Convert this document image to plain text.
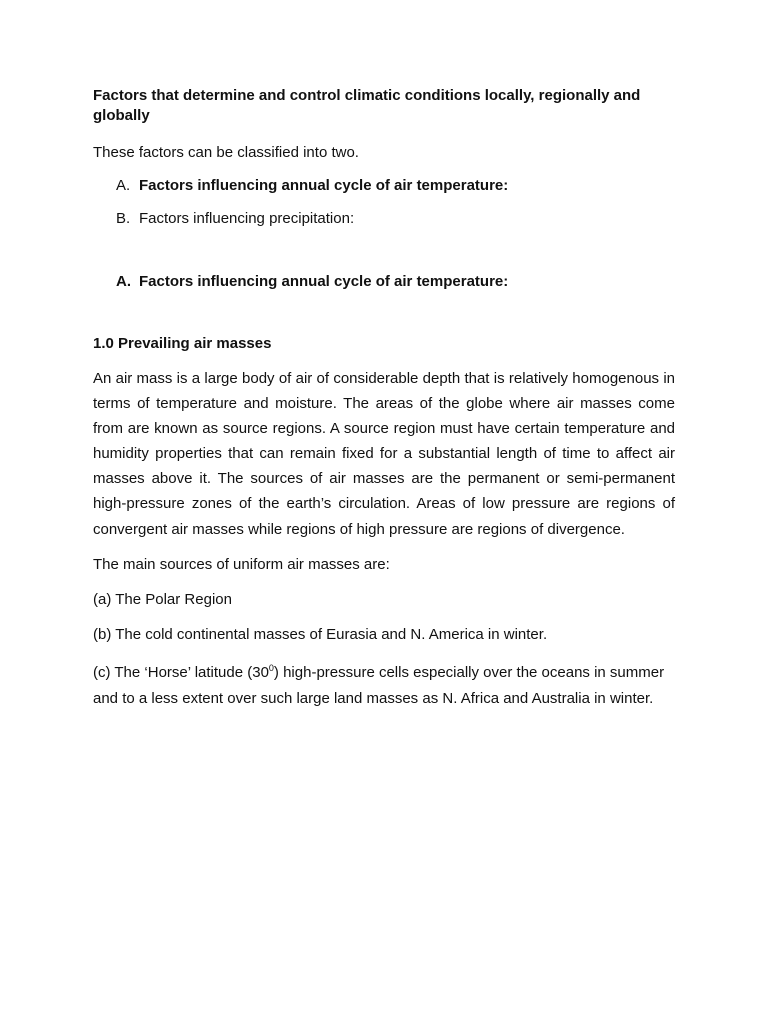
Factors that determine and control climatic conditions locally, regionally and globally

These factors can be classified into two.

A. Factors influencing annual cycle of air temperature:
B. Factors influencing precipitation:
A. Factors influencing annual cycle of air temperature:

1.0 Prevailing air masses

An air mass is a large body of air of considerable depth that is relatively homogenous in terms of temperature and moisture. The areas of the globe where air masses come from are known as source regions. A source region must have certain temperature and humidity properties that can remain fixed for a substantial length of time to affect air masses above it. The sources of air masses are the permanent or semi-permanent high-pressure zones of the earth’s circulation. Areas of low pressure are regions of convergent air masses while regions of high pressure are regions of divergence.

The main sources of uniform air masses are:

(a) The Polar Region

(b) The cold continental masses of Eurasia and N. America in winter.

(c) The ‘Horse’ latitude $(30^0)$ high-pressure cells especially over the oceans in summer and to a less extent over such large land masses as N. Africa and Australia in winter.
